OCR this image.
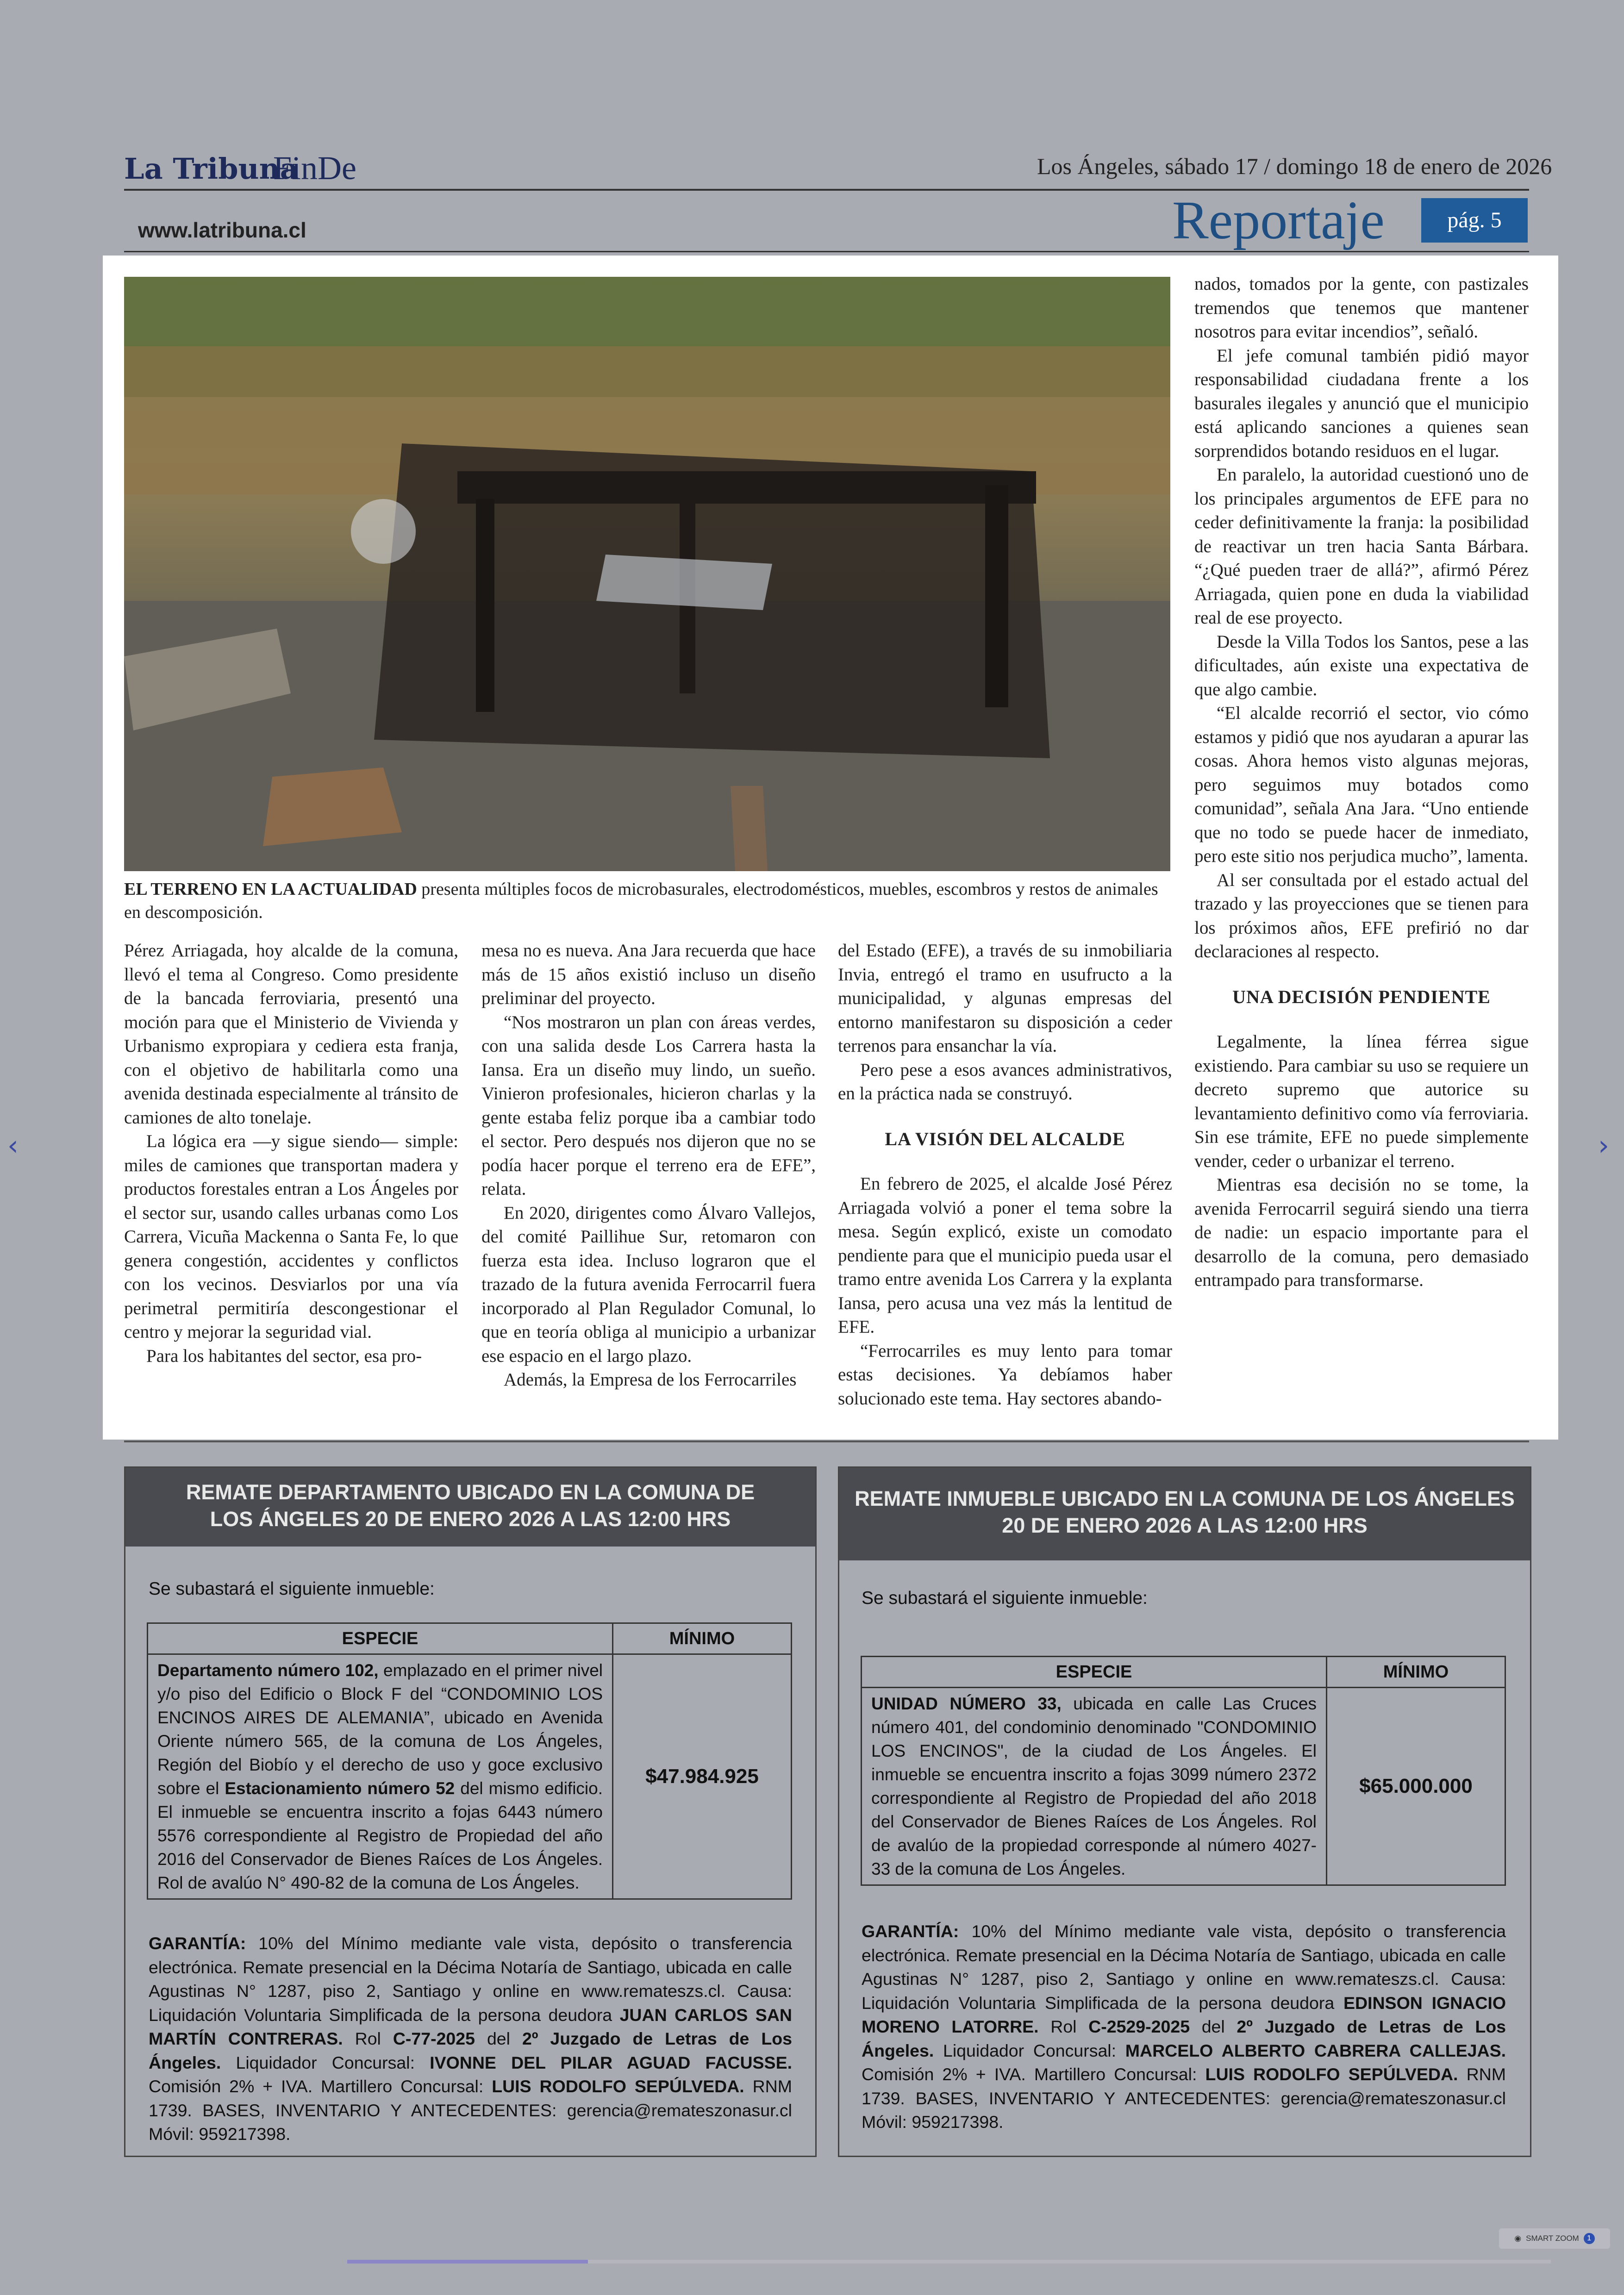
La Tribuna
FinDe	Los Ángeles, sábado 17 / domingo 18 de enero de 2026
www.latribuna.cl	Reportaje	pág. 5
EL TERRENO EN LA ACTUALIDAD presenta múltiples focos de microbasurales, electrodomésticos, muebles, escombros y restos de animales en descomposición.

Pérez Arriagada, hoy alcalde de la comuna, llevó el tema al Congreso. Como presidente de la bancada ferroviaria, presentó una moción para que el Ministerio de Vivienda y Urbanismo expropiara y cediera esta franja, con el objetivo de habilitarla como una avenida destinada especialmente al tránsito de camiones de alto tonelaje.

La lógica era —y sigue siendo— simple: miles de camiones que transportan madera y productos forestales entran a Los Ángeles por el sector sur, usando calles urbanas como Los Carrera, Vicuña Mackenna o Santa Fe, lo que genera congestión, accidentes y conflictos con los vecinos. Desviarlos por una vía perimetral permitiría descongestionar el centro y mejorar la seguridad vial.

Para los habitantes del sector, esa pro-

mesa no es nueva. Ana Jara recuerda que hace más de 15 años existió incluso un diseño preliminar del proyecto.

“Nos mostraron un plan con áreas verdes, con una salida desde Los Carrera hasta la Iansa. Era un diseño muy lindo, un sueño. Vinieron profesionales, hicieron charlas y la gente estaba feliz porque iba a cambiar todo el sector. Pero después nos dijeron que no se podía hacer porque el terreno era de EFE”, relata.

En 2020, dirigentes como Álvaro Vallejos, del comité Paillihue Sur, retomaron con fuerza esta idea. Incluso lograron que el trazado de la futura avenida Ferrocarril fuera incorporado al Plan Regulador Comunal, lo que en teoría obliga al municipio a urbanizar ese espacio en el largo plazo.

Además, la Empresa de los Ferrocarriles

del Estado (EFE), a través de su inmobiliaria Invia, entregó el tramo en usufructo a la municipalidad, y algunas empresas del entorno manifestaron su disposición a ceder terrenos para ensanchar la vía.

Pero pese a esos avances administrativos, en la práctica nada se construyó.

LA VISIÓN DEL ALCALDE

En febrero de 2025, el alcalde José Pérez Arriagada volvió a poner el tema sobre la mesa. Según explicó, existe un comodato pendiente para que el municipio pueda usar el tramo entre avenida Los Carrera y la explanta Iansa, pero acusa una vez más la lentitud de EFE.

“Ferrocarriles es muy lento para tomar estas decisiones. Ya debíamos haber solucionado este tema. Hay sectores abando-

nados, tomados por la gente, con pastizales tremendos que tenemos que mantener nosotros para evitar incendios”, señaló.

El jefe comunal también pidió mayor responsabilidad ciudadana frente a los basurales ilegales y anunció que el municipio está aplicando sanciones a quienes sean sorprendidos botando residuos en el lugar.

En paralelo, la autoridad cuestionó uno de los principales argumentos de EFE para no ceder definitivamente la franja: la posibilidad de reactivar un tren hacia Santa Bárbara. “¿Qué pueden traer de allá?”, afirmó Pérez Arriagada, quien pone en duda la viabilidad real de ese proyecto.

Desde la Villa Todos los Santos, pese a las dificultades, aún existe una expectativa de que algo cambie.

“El alcalde recorrió el sector, vio cómo estamos y pidió que nos ayudaran a apurar las cosas. Ahora hemos visto algunas mejoras, pero seguimos muy botados como comunidad”, señala Ana Jara. “Uno entiende que no todo se puede hacer de inmediato, pero este sitio nos perjudica mucho”, lamenta.

Al ser consultada por el estado actual del trazado y las proyecciones que se tienen para los próximos años, EFE prefirió no dar declaraciones al respecto.

UNA DECISIÓN PENDIENTE

Legalmente, la línea férrea sigue existiendo. Para cambiar su uso se requiere un decreto supremo que autorice su levantamiento definitivo como vía ferroviaria. Sin ese trámite, EFE no puede simplemente vender, ceder o urbanizar el terreno.

Mientras esa decisión no se tome, la avenida Ferrocarril seguirá siendo una tierra de nadie: un espacio importante para el desarrollo de la comuna, pero demasiado entrampado para transformarse.

REMATE DEPARTAMENTO UBICADO EN LA COMUNA DE
LOS ÁNGELES 20 DE ENERO 2026 A LAS 12:00 HRS
Se subastará el siguiente inmueble:
ESPECIE	MÍNIMO
Departamento número 102, emplazado en el primer nivel y/o piso del Edificio o Block F del “CONDOMINIO LOS ENCINOS AIRES DE ALEMANIA”, ubicado en Avenida Oriente número 565, de la comuna de Los Ángeles, Región del Biobío y el derecho de uso y goce exclusivo sobre el Estacionamiento número 52 del mismo edificio. El inmueble se encuentra inscrito a fojas 6443 número 5576 correspondiente al Registro de Propiedad del año 2016 del Conservador de Bienes Raíces de Los Ángeles. Rol de avalúo N° 490-82 de la comuna de Los Ángeles.	$47.984.925
GARANTÍA: 10% del Mínimo mediante vale vista, depósito o transferencia electrónica. Remate presencial en la Décima Notaría de Santiago, ubicada en calle Agustinas N° 1287, piso 2, Santiago y online en www.remateszs.cl. Causa: Liquidación Voluntaria Simplificada de la persona deudora JUAN CARLOS SAN MARTÍN CONTRERAS. Rol C-77-2025 del 2º Juzgado de Letras de Los Ángeles. Liquidador Concursal: IVONNE DEL PILAR AGUAD FACUSSE. Comisión 2% + IVA. Martillero Concursal: LUIS RODOLFO SEPÚLVEDA. RNM 1739. BASES, INVENTARIO Y ANTECEDENTES: gerencia@remateszonasur.cl Móvil: 959217398.
REMATE INMUEBLE UBICADO EN LA COMUNA DE LOS ÁNGELES
20 DE ENERO 2026 A LAS 12:00 HRS
Se subastará el siguiente inmueble:
ESPECIE	MÍNIMO
UNIDAD NÚMERO 33, ubicada en calle Las Cruces número 401, del condominio denominado "CONDOMINIO LOS ENCINOS", de la ciudad de Los Ángeles. El inmueble se encuentra inscrito a fojas 3099 número 2372 correspondiente al Registro de Propiedad del año 2018 del Conservador de Bienes Raíces de Los Ángeles. Rol de avalúo de la propiedad corresponde al número 4027-33 de la comuna de Los Ángeles.	$65.000.000
GARANTÍA: 10% del Mínimo mediante vale vista, depósito o transferencia electrónica. Remate presencial en la Décima Notaría de Santiago, ubicada en calle Agustinas N° 1287, piso 2, Santiago y online en www.remateszs.cl. Causa: Liquidación Voluntaria Simplificada de la persona deudora EDINSON IGNACIO MORENO LATORRE. Rol C-2529-2025 del 2º Juzgado de Letras de Los Ángeles. Liquidador Concursal: MARCELO ALBERTO CABRERA CALLEJAS. Comisión 2% + IVA. Martillero Concursal: LUIS RODOLFO SEPÚLVEDA. RNM 1739. BASES, INVENTARIO Y ANTECEDENTES: gerencia@remateszonasur.cl Móvil: 959217398.
‹	›
◉ SMART ZOOM	1
